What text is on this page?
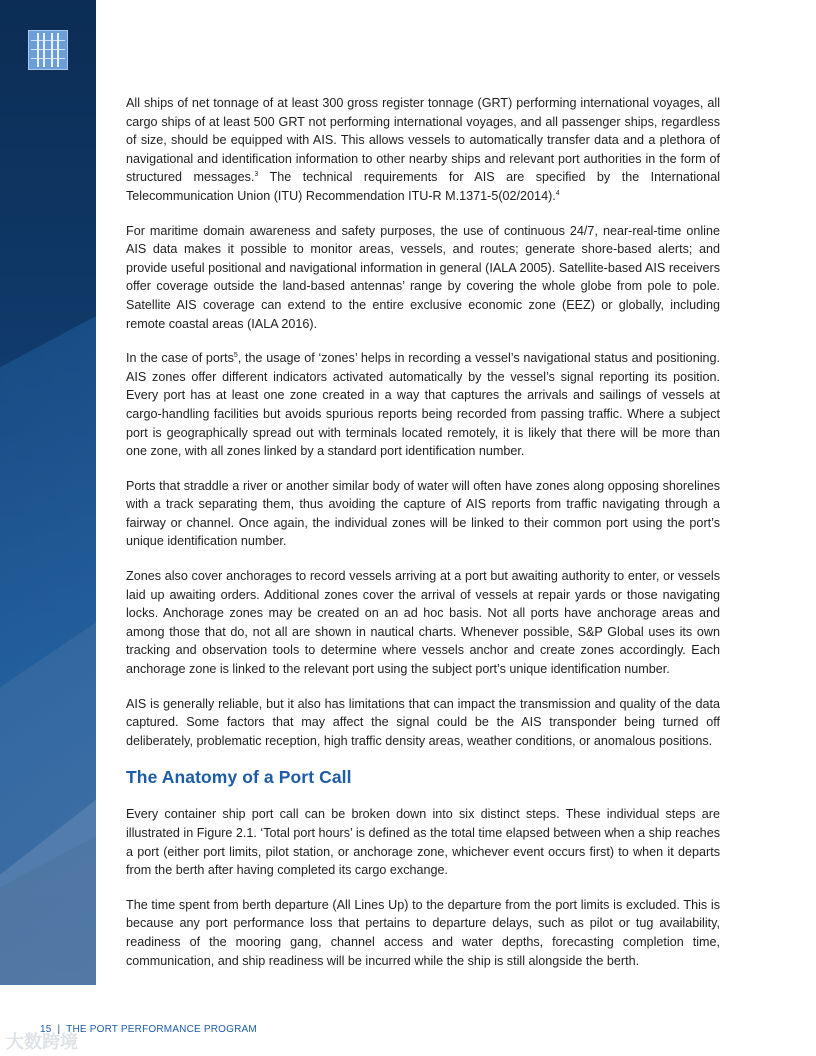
All ships of net tonnage of at least 300 gross register tonnage (GRT) performing international voyages, all cargo ships of at least 500 GRT not performing international voyages, and all passenger ships, regardless of size, should be equipped with AIS. This allows vessels to automatically transfer data and a plethora of navigational and identification information to other nearby ships and relevant port authorities in the form of structured messages.$^3$ The technical requirements for AIS are specified by the International Telecommunication Union (ITU) Recommendation ITU-R M.1371-5(02/2014).$^4$

For maritime domain awareness and safety purposes, the use of continuous 24/7, near-real-time online AIS data makes it possible to monitor areas, vessels, and routes; generate shore-based alerts; and provide useful positional and navigational information in general (IALA 2005). Satellite-based AIS receivers offer coverage outside the land-based antennas’ range by covering the whole globe from pole to pole. Satellite AIS coverage can extend to the entire exclusive economic zone (EEZ) or globally, including remote coastal areas (IALA 2016).

In the case of ports$^5$, the usage of ‘zones’ helps in recording a vessel’s navigational status and positioning. AIS zones offer different indicators activated automatically by the vessel’s signal reporting its position. Every port has at least one zone created in a way that captures the arrivals and sailings of vessels at cargo-handling facilities but avoids spurious reports being recorded from passing traffic. Where a subject port is geographically spread out with terminals located remotely, it is likely that there will be more than one zone, with all zones linked by a standard port identification number.

Ports that straddle a river or another similar body of water will often have zones along opposing shorelines with a track separating them, thus avoiding the capture of AIS reports from traffic navigating through a fairway or channel. Once again, the individual zones will be linked to their common port using the port’s unique identification number.

Zones also cover anchorages to record vessels arriving at a port but awaiting authority to enter, or vessels laid up awaiting orders. Additional zones cover the arrival of vessels at repair yards or those navigating locks. Anchorage zones may be created on an ad hoc basis. Not all ports have anchorage areas and among those that do, not all are shown in nautical charts. Whenever possible, S&P Global uses its own tracking and observation tools to determine where vessels anchor and create zones accordingly. Each anchorage zone is linked to the relevant port using the subject port’s unique identification number.

AIS is generally reliable, but it also has limitations that can impact the transmission and quality of the data captured. Some factors that may affect the signal could be the AIS transponder being turned off deliberately, problematic reception, high traffic density areas, weather conditions, or anomalous positions.

The Anatomy of a Port Call

Every container ship port call can be broken down into six distinct steps. These individual steps are illustrated in Figure 2.1. ‘Total port hours’ is defined as the total time elapsed between when a ship reaches a port (either port limits, pilot station, or anchorage zone, whichever event occurs first) to when it departs from the berth after having completed its cargo exchange.

The time spent from berth departure (All Lines Up) to the departure from the port limits is excluded. This is because any port performance loss that pertains to departure delays, such as pilot or tug availability, readiness of the mooring gang, channel access and water depths, forecasting completion time, communication, and ship readiness will be incurred while the ship is still alongside the berth.

15 | THE PORT PERFORMANCE PROGRAM
大数跨境
